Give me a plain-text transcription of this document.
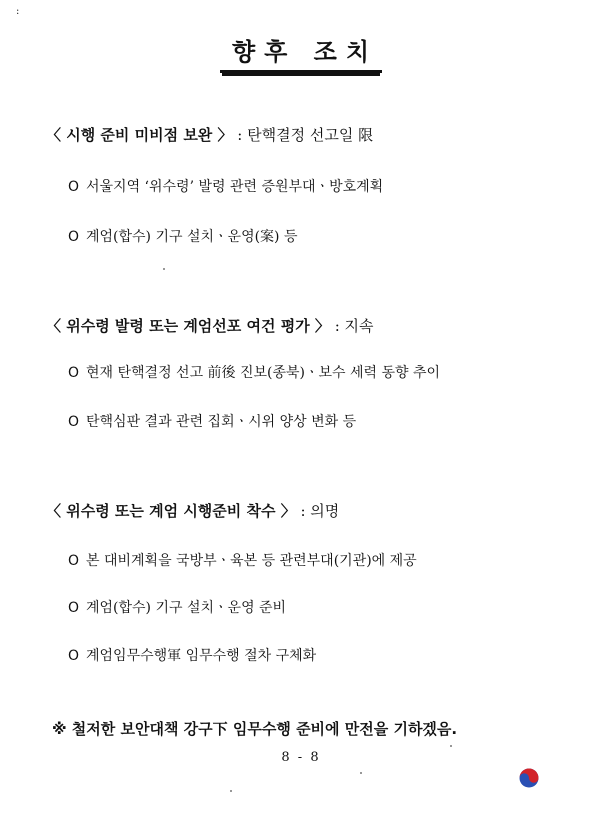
:
향후 조치
〈 시행 준비 미비점 보완 〉 : 탄핵결정 선고일 限
O 서울지역 ‘위수령’ 발령 관련 증원부대ㆍ방호계획
O 계엄(합수) 기구 설치ㆍ운영(案) 등
〈 위수령 발령 또는 계엄선포 여건 평가 〉 : 지속
O 현재 탄핵결정 선고 前後 진보(종북)ㆍ보수 세력 동향 추이
O 탄핵심판 결과 관련 집회ㆍ시위 양상 변화 등
〈 위수령 또는 계엄 시행준비 착수 〉 : 의명
O 본 대비계획을 국방부ㆍ육본 등 관련부대(기관)에 제공
O 계엄(합수) 기구 설치ㆍ운영 준비
O 계엄임무수행軍 임무수행 절차 구체화
※ 철저한 보안대책 강구下 임무수행 준비에 만전을 기하겠음.
8 - 8
